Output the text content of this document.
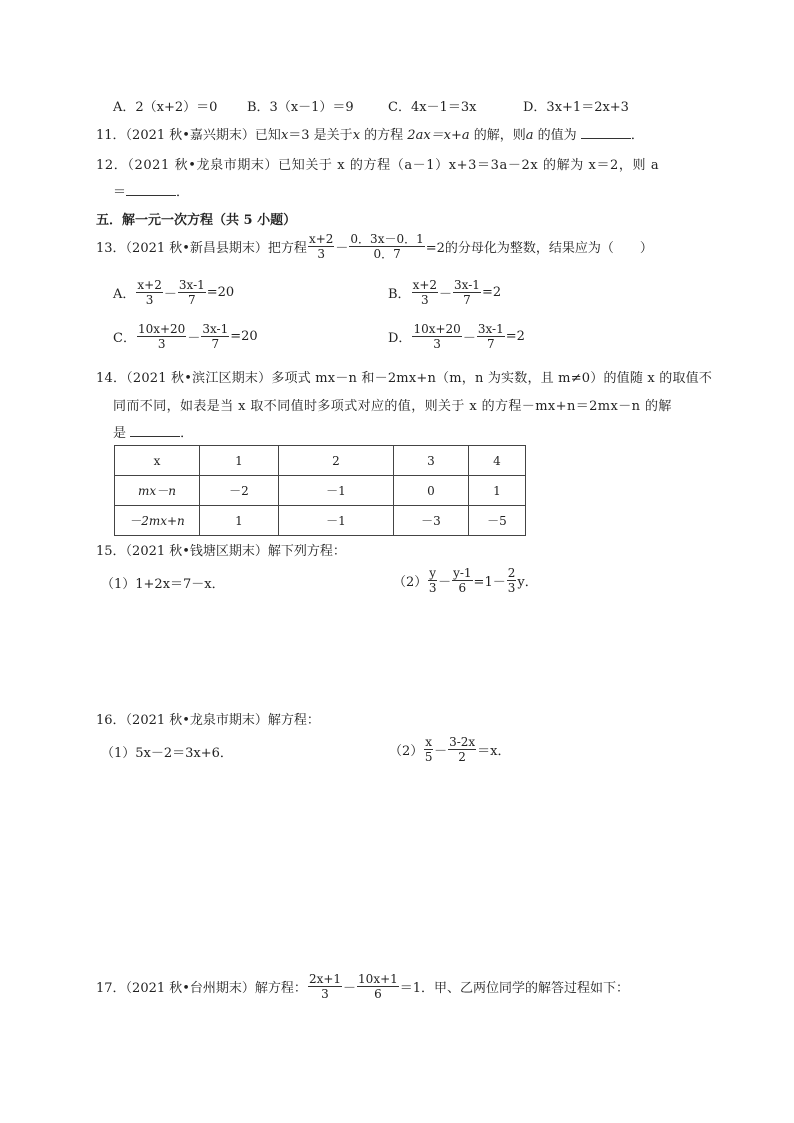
A．2（x+2）＝0 B．3（x－1）＝9	C．4x－1＝3x	D．3x+1＝2x+3
11．（2021 秋•嘉兴期末）已知x＝3 是关于x 的方程 2ax＝x+a 的解，则a 的值为	．
12．（2021 秋•龙泉市期末）已知关于 x 的方程（a－1）x+3＝3a－2x 的解为 x＝2，则 a
＝	．
五．解一元一次方程（共 5 小题）
13．（2021 秋•新昌县期末）把方程 $\frac{x+2}{3} - \frac{0.3x-0.1}{0.7} =2$的分母化为整数，结果应为（　　）
A． $\frac{x+2}{3} - \frac{3x-1}{7} =20$	B． $\frac{x+2}{3} - \frac{3x-1}{7} =2$
C． $\frac{10x+20}{3} - \frac{3x-1}{7} =20$	D． $\frac{10x+20}{3} - \frac{3x-1}{7} =2$
14．（2021 秋•滨江区期末）多项式 mx－n 和－2mx+n（m，n 为实数，且 m≠0）的值随 x 的取值不
同而不同，如表是当 x 取不同值时多项式对应的值，则关于 x 的方程－mx+n＝2mx－n 的解
是	．
x	1	2	3	4
mx－n	－2	－1	0	1
－2mx+n	1	－1	－3	－5
15．（2021 秋•钱塘区期末）解下列方程：
（1）1+2x＝7－x．	$(2) \frac{y}{3} - \frac{y-1}{6} =1- \frac{2}{3}$ y．
16．（2021 秋•龙泉市期末）解方程：
（1）5x－2＝3x+6．	$(2) \frac{x}{5} - \frac{3-2x}{2} =x$．
17．（2021 秋•台州期末）解方程： $\frac{2x+1}{3} - \frac{10x+1}{6} =1$．甲、乙两位同学的解答过程如下：
